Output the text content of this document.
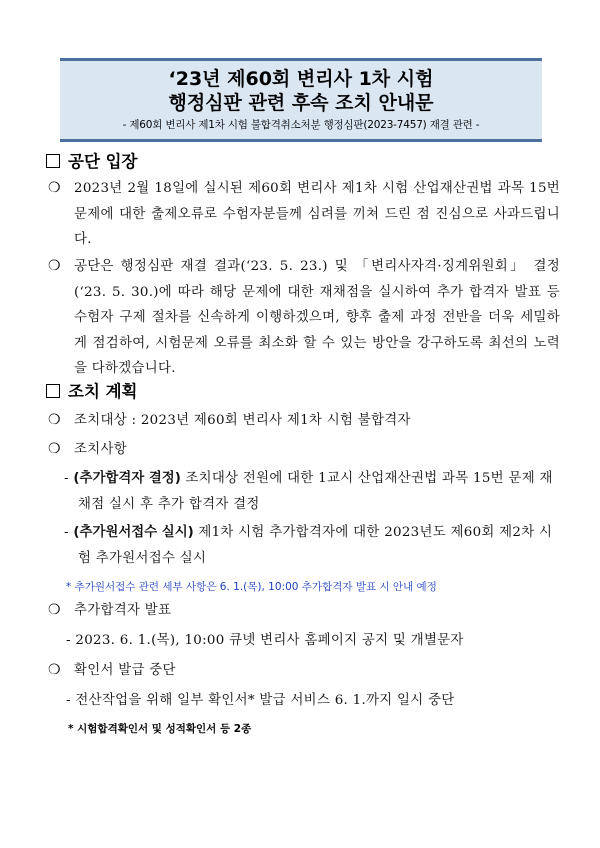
‘23년 제60회 변리사 1차 시험
행정심판 관련 후속 조치 안내문
- 제60회 변리사 제1차 시험 불합격취소처분 행정심판(2023-7457) 재결 관련 -
공단 입장
❍ 2023년 2월 18일에 실시된 제60회 변리사 제1차 시험 산업재산권법 과목 15번 문제에 대한 출제오류로 수험자분들께 심려를 끼쳐 드린 점 진심으로 사과드립니다.
❍ 공단은 행정심판 재결 결과(‘23. 5. 23.) 및 「변리사자격·징계위원회」 결정(‘23. 5. 30.)에 따라 해당 문제에 대한 재채점을 실시하여 추가 합격자 발표 등 수험자 구제 절차를 신속하게 이행하겠으며, 향후 출제 과정 전반을 더욱 세밀하게 점검하여, 시험문제 오류를 최소화 할 수 있는 방안을 강구하도록 최선의 노력을 다하겠습니다.
조치 계획
❍ 조치대상 : 2023년 제60회 변리사 제1차 시험 불합격자
❍ 조치사항
- (추가합격자 결정) 조치대상 전원에 대한 1교시 산업재산권법 과목 15번 문제 재채점 실시 후 추가 합격자 결정
- (추가원서접수 실시) 제1차 시험 추가합격자에 대한 2023년도 제60회 제2차 시험 추가원서접수 실시
* 추가원서접수 관련 세부 사항은 6. 1.(목), 10:00 추가합격자 발표 시 안내 예정
❍ 추가합격자 발표
- 2023. 6. 1.(목), 10:00 큐넷 변리사 홈페이지 공지 및 개별문자
❍ 확인서 발급 중단
- 전산작업을 위해 일부 확인서* 발급 서비스 6. 1.까지 일시 중단
* 시험합격확인서 및 성적확인서 등 2종
